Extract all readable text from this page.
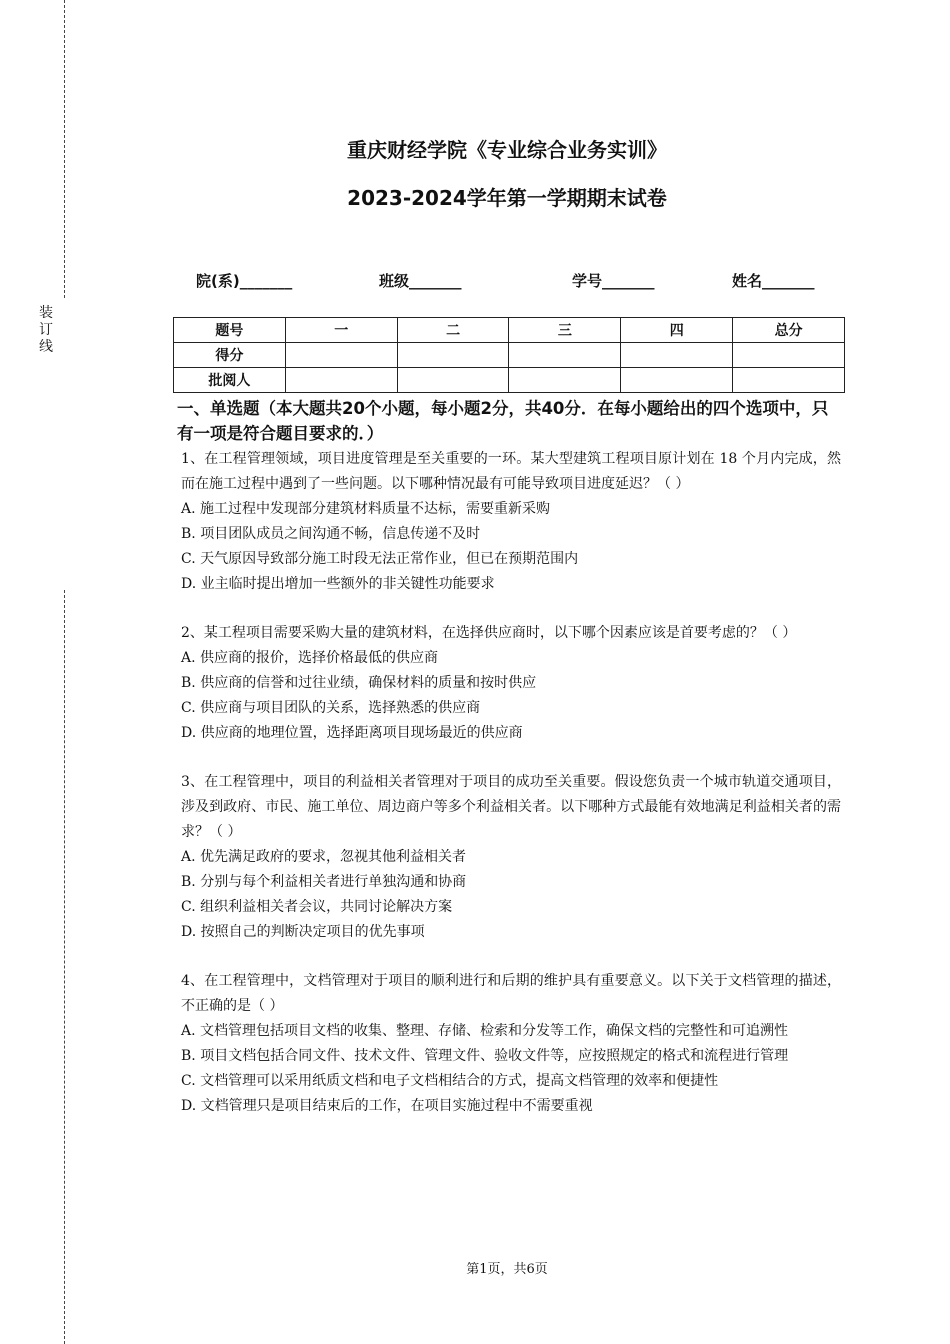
装
订
线
重庆财经学院《专业综合业务实训》
2023-2024学年第一学期期末试卷
院(系)_______	班级_______	学号_______	姓名_______
题号	一	二	三	四	总分
得分					
批阅人					
一、单选题（本大题共20个小题，每小题2分，共40分．在每小题给出的四个选项中，只有一项是符合题目要求的．）
1、在工程管理领域，项目进度管理是至关重要的一环。某大型建筑工程项目原计划在 18 个月内完成，然而在施工过程中遇到了一些问题。以下哪种情况最有可能导致项目进度延迟？（ ）
A. 施工过程中发现部分建筑材料质量不达标，需要重新采购
B. 项目团队成员之间沟通不畅，信息传递不及时
C. 天气原因导致部分施工时段无法正常作业，但已在预期范围内
D. 业主临时提出增加一些额外的非关键性功能要求
2、某工程项目需要采购大量的建筑材料，在选择供应商时，以下哪个因素应该是首要考虑的？（ ）
A. 供应商的报价，选择价格最低的供应商
B. 供应商的信誉和过往业绩，确保材料的质量和按时供应
C. 供应商与项目团队的关系，选择熟悉的供应商
D. 供应商的地理位置，选择距离项目现场最近的供应商
3、在工程管理中，项目的利益相关者管理对于项目的成功至关重要。假设您负责一个城市轨道交通项目，涉及到政府、市民、施工单位、周边商户等多个利益相关者。以下哪种方式最能有效地满足利益相关者的需求？（ ）
A. 优先满足政府的要求，忽视其他利益相关者
B. 分别与每个利益相关者进行单独沟通和协商
C. 组织利益相关者会议，共同讨论解决方案
D. 按照自己的判断决定项目的优先事项
4、在工程管理中，文档管理对于项目的顺利进行和后期的维护具有重要意义。以下关于文档管理的描述，不正确的是（ ）
A. 文档管理包括项目文档的收集、整理、存储、检索和分发等工作，确保文档的完整性和可追溯性
B. 项目文档包括合同文件、技术文件、管理文件、验收文件等，应按照规定的格式和流程进行管理
C. 文档管理可以采用纸质文档和电子文档相结合的方式，提高文档管理的效率和便捷性
D. 文档管理只是项目结束后的工作，在项目实施过程中不需要重视
第1页，共6页
